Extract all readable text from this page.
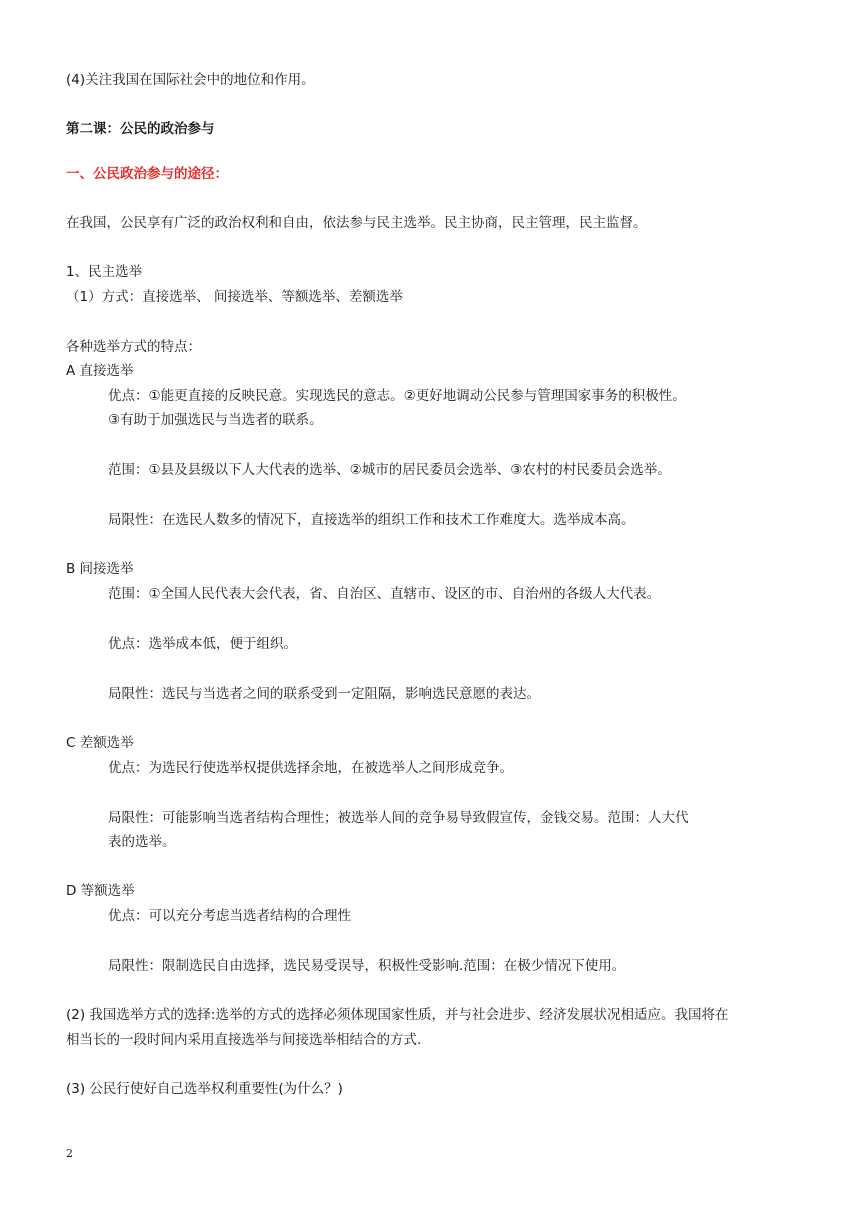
(4)关注我国在国际社会中的地位和作用。
第二课：公民的政治参与
一、公民政治参与的途径：
在我国，公民享有广泛的政治权利和自由，依法参与民主选举。民主协商，民主管理，民主监督。
1、民主选举
（1）方式：直接选举、 间接选举、等额选举、差额选举
各种选举方式的特点：
A 直接选举
优点：①能更直接的反映民意。实现选民的意志。②更好地调动公民参与管理国家事务的积极性。
③有助于加强选民与当选者的联系。
范围：①县及县级以下人大代表的选举、②城市的居民委员会选举、③农村的村民委员会选举。
局限性：在选民人数多的情况下，直接选举的组织工作和技术工作难度大。选举成本高。
B 间接选举
范围：①全国人民代表大会代表，省、自治区、直辖市、设区的市、自治州的各级人大代表。
优点：选举成本低，便于组织。
局限性：选民与当选者之间的联系受到一定阻隔，影响选民意愿的表达。
C 差额选举
优点：为选民行使选举权提供选择余地，在被选举人之间形成竞争。
局限性：可能影响当选者结构合理性；被选举人间的竞争易导致假宣传，金钱交易。范围：人大代
表的选举。
D 等额选举
优点：可以充分考虑当选者结构的合理性
局限性：限制选民自由选择，选民易受误导，积极性受影响.范围：在极少情况下使用。
(2) 我国选举方式的选择:选举的方式的选择必须体现国家性质，并与社会进步、经济发展状况相适应。我国将在
相当长的一段时间内采用直接选举与间接选举相结合的方式.
(3) 公民行使好自己选举权利重要性(为什么？)
2
